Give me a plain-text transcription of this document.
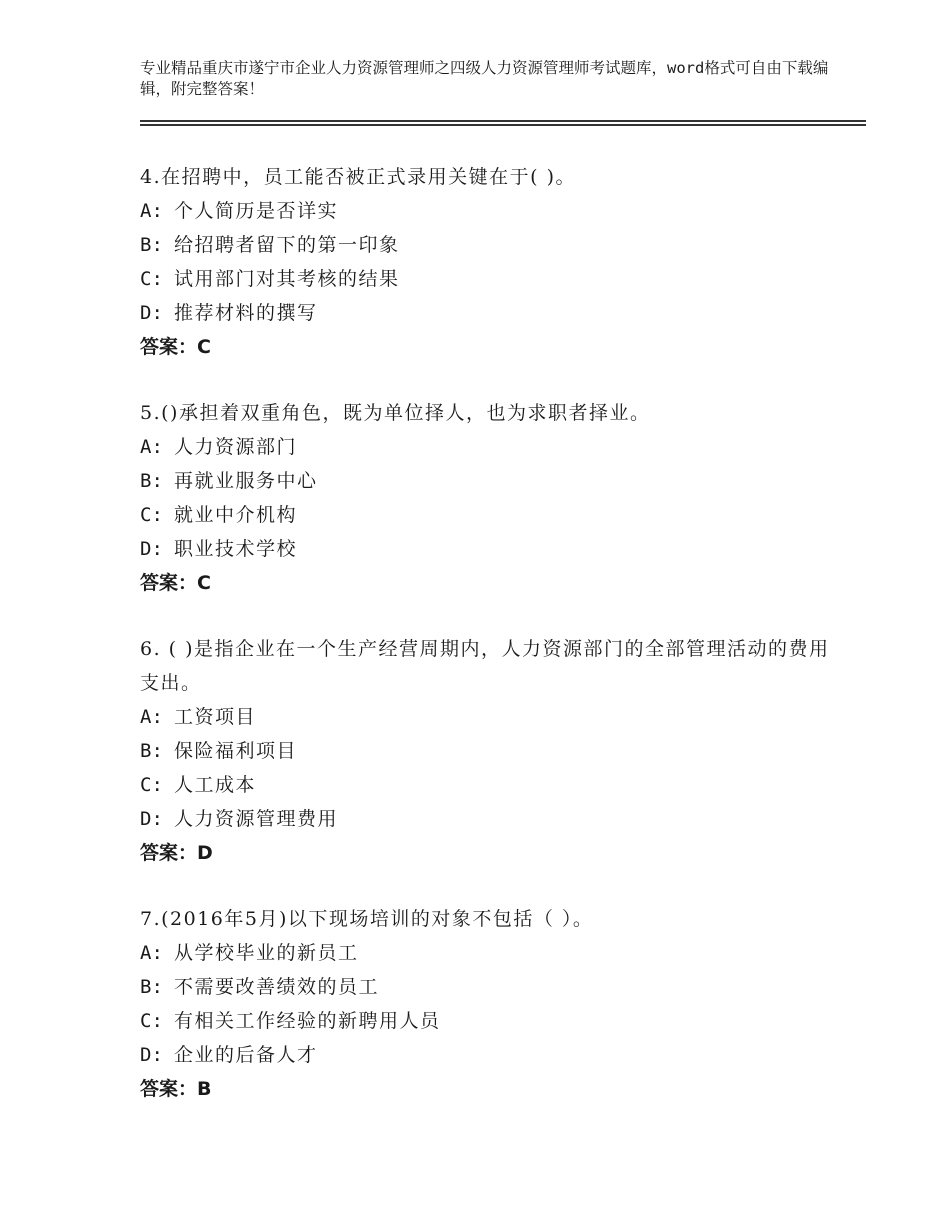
专业精品重庆市遂宁市企业人力资源管理师之四级人力资源管理师考试题库，word格式可自由下载编辑，附完整答案！

4.在招聘中，员工能否被正式录用关键在于( )。

A: 个人简历是否详实

B: 给招聘者留下的第一印象

C: 试用部门对其考核的结果

D: 推荐材料的撰写

答案：C

5.()承担着双重角色，既为单位择人，也为求职者择业。

A: 人力资源部门

B: 再就业服务中心

C: 就业中介机构

D: 职业技术学校

答案：C

6. ( )是指企业在一个生产经营周期内，人力资源部门的全部管理活动的费用支出。

A: 工资项目

B: 保险福利项目

C: 人工成本

D: 人力资源管理费用

答案：D

7.(2016年5月)以下现场培训的对象不包括（ ）。

A: 从学校毕业的新员工

B: 不需要改善绩效的员工

C: 有相关工作经验的新聘用人员

D: 企业的后备人才

答案：B
